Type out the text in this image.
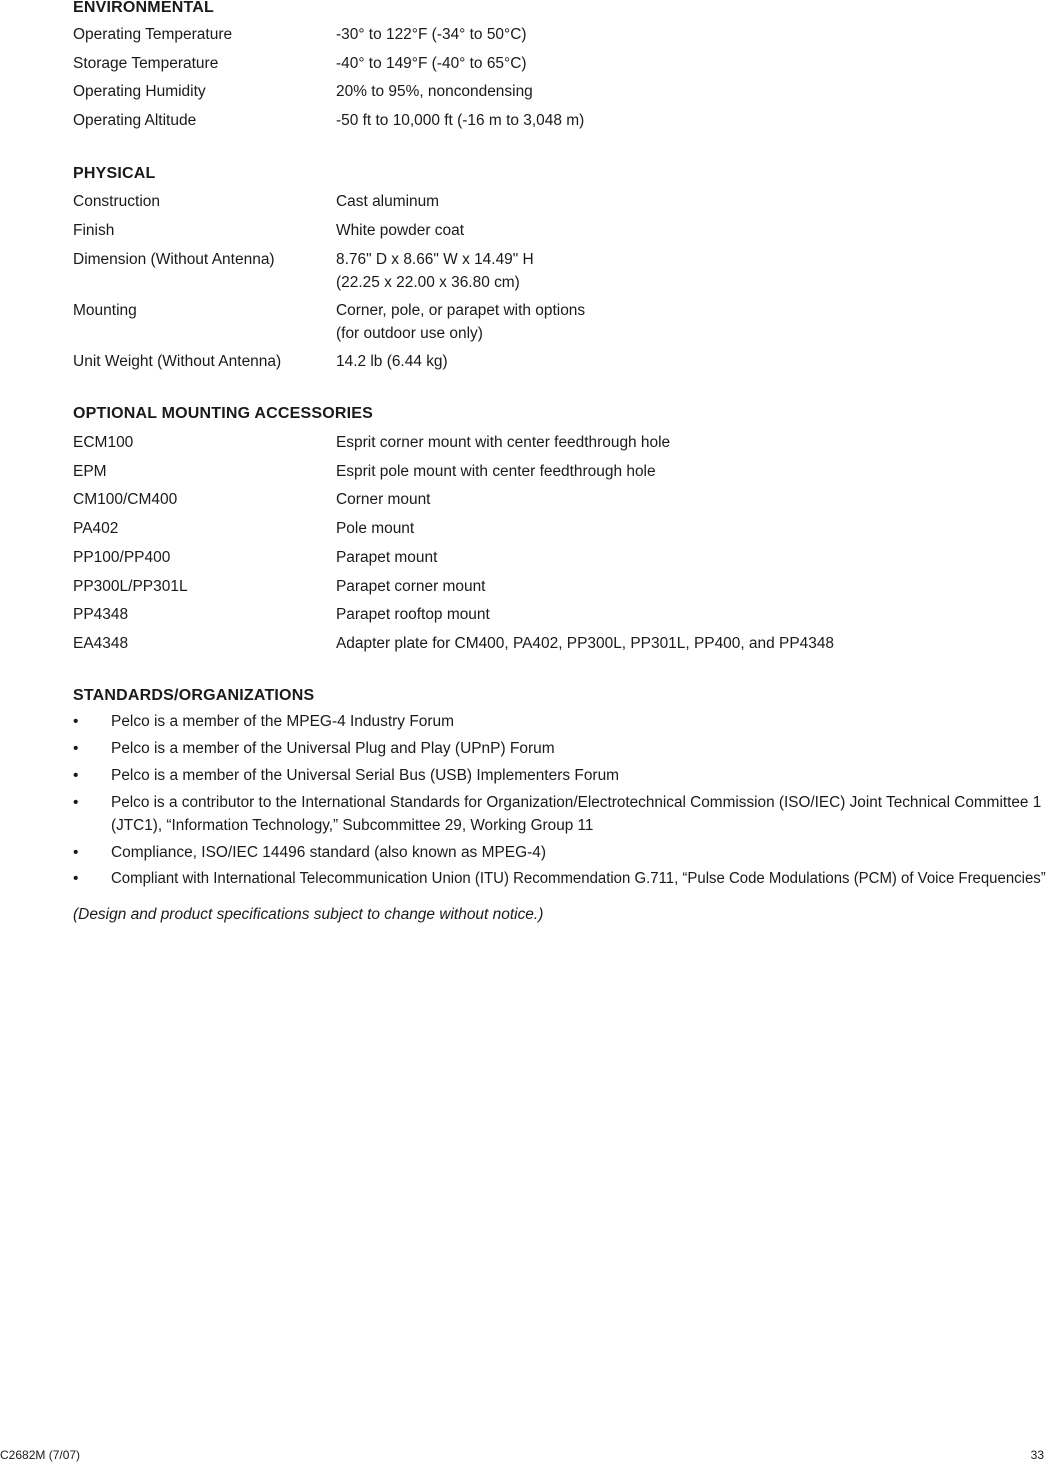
ENVIRONMENTAL
Operating Temperature	-30° to 122°F (-34° to 50°C)
Storage Temperature	-40° to 149°F (-40° to 65°C)
Operating Humidity	20% to 95%, noncondensing
Operating Altitude	-50 ft to 10,000 ft (-16 m to 3,048 m)
PHYSICAL
Construction	Cast aluminum
Finish	White powder coat
Dimension (Without Antenna)	8.76" D x 8.66" W x 14.49" H
(22.25 x 22.00 x 36.80 cm)
Mounting	Corner, pole, or parapet with options
(for outdoor use only)
Unit Weight (Without Antenna)	14.2 lb (6.44 kg)
OPTIONAL MOUNTING ACCESSORIES
ECM100	Esprit corner mount with center feedthrough hole
EPM	Esprit pole mount with center feedthrough hole
CM100/CM400	Corner mount
PA402	Pole mount
PP100/PP400	Parapet mount
PP300L/PP301L	Parapet corner mount
PP4348	Parapet rooftop mount
EA4348	Adapter plate for CM400, PA402, PP300L, PP301L, PP400, and PP4348
STANDARDS/ORGANIZATIONS
•	Pelco is a member of the MPEG-4 Industry Forum
•	Pelco is a member of the Universal Plug and Play (UPnP) Forum
•	Pelco is a member of the Universal Serial Bus (USB) Implementers Forum
•	Pelco is a contributor to the International Standards for Organization/Electrotechnical Commission (ISO/IEC) Joint Technical Committee 1
(JTC1), “Information Technology,” Subcommittee 29, Working Group 11
•	Compliance, ISO/IEC 14496 standard (also known as MPEG-4)
•	Compliant with International Telecommunication Union (ITU) Recommendation G.711, “Pulse Code Modulations (PCM) of Voice Frequencies”
(Design and product specifications subject to change without notice.)
C2682M (7/07)	33
